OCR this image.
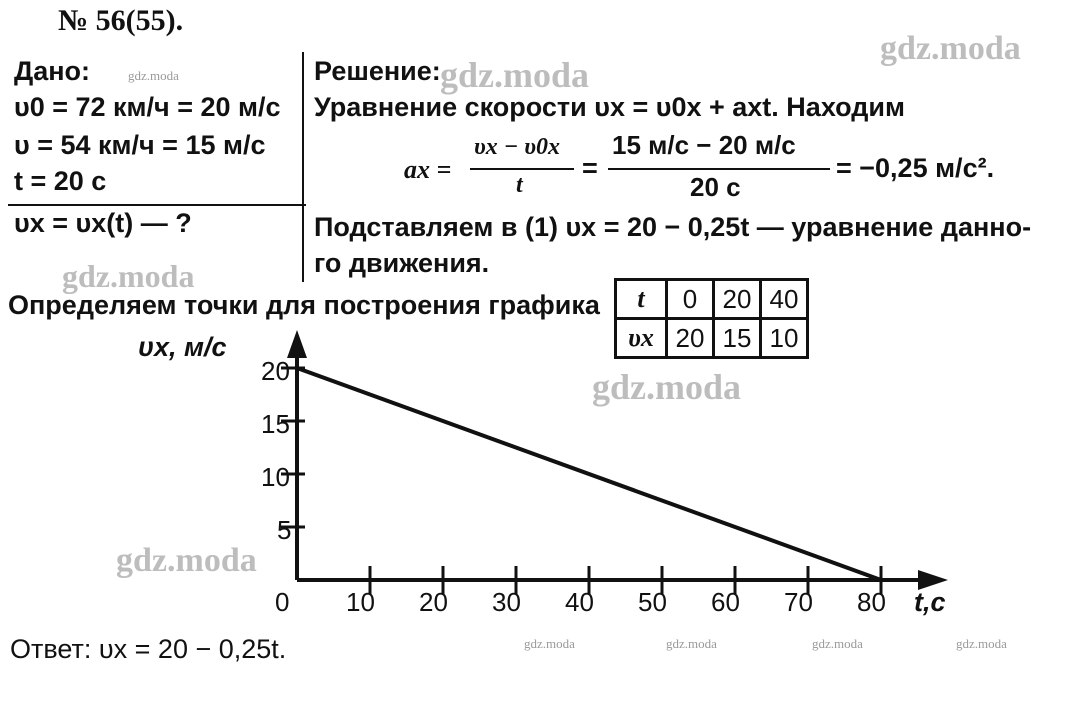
№ 56(55).
Дано:
υ0 = 72 км/ч = 20 м/с
υ = 54 км/ч = 15 м/с
t = 20 с
υx = υx(t) — ?
Решение:
Уравнение скорости υx = υ0x + axt. Находим
ax =
υx − υ0x
t
=
15 м/с − 20 м/с
20 с
= −0,25 м/с².
Подставляем в (1) υx = 20 − 0,25t — уравнение данно-
го движения.
Определяем точки для построения графика t	0	20	40
υx	20	15	10
0 10 20 30 40 50 60 70 80
5
10
15
20
υx, м/с
t,c
Ответ: υx = 20 − 0,25t.
gdz.moda
gdz.moda
gdz.moda
gdz.moda
gdz.moda
gdz.moda
gdz.moda	gdz.moda	gdz.moda	gdz.moda
